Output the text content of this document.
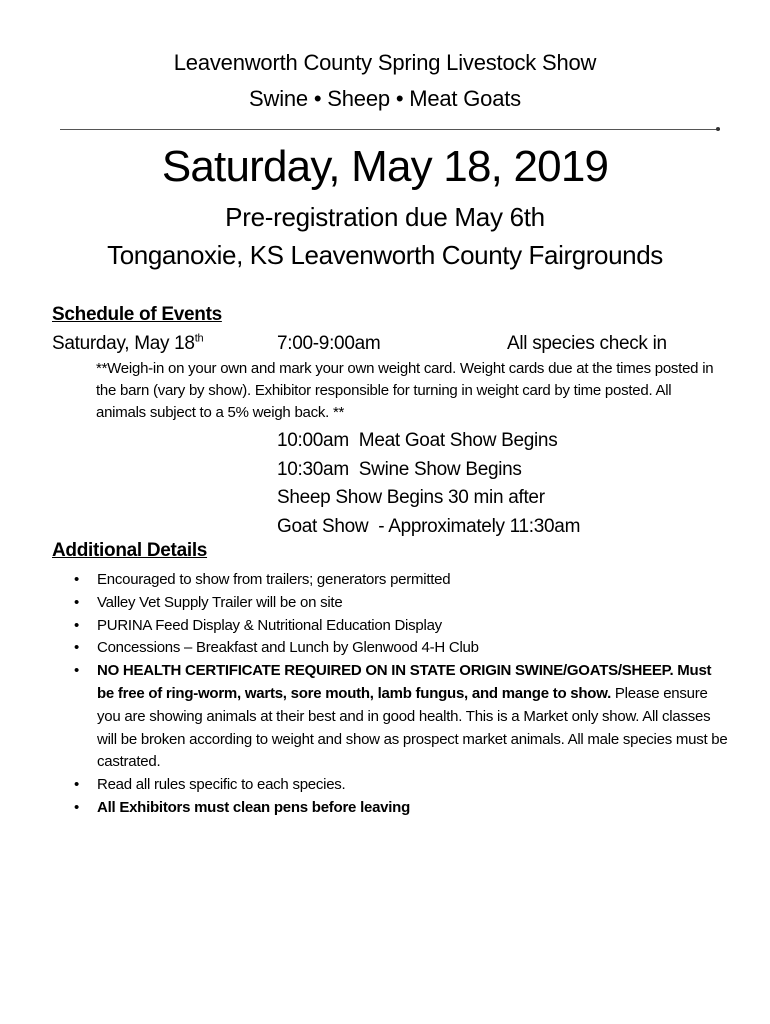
Leavenworth County Spring Livestock Show
Swine • Sheep • Meat Goats
Saturday, May 18, 2019
Pre-registration due May 6th
Tonganoxie, KS Leavenworth County Fairgrounds
Schedule of Events
Saturday, May 18th	7:00-9:00am	All species check in
**Weigh-in on your own and mark your own weight card. Weight cards due at the times posted in the barn (vary by show). Exhibitor responsible for turning in weight card by time posted. All animals subject to a 5% weigh back. **
10:00am  Meat Goat Show Begins
10:30am  Swine Show Begins
Sheep Show Begins 30 min after
Goat Show  - Approximately 11:30am
Additional Details
• Encouraged to show from trailers; generators permitted
• Valley Vet Supply Trailer will be on site
• PURINA Feed Display & Nutritional Education Display
• Concessions – Breakfast and Lunch by Glenwood 4-H Club
• NO HEALTH CERTIFICATE REQUIRED ON IN STATE ORIGIN SWINE/GOATS/SHEEP. Must be free of ring-worm, warts, sore mouth, lamb fungus, and mange to show. Please ensure you are showing animals at their best and in good health. This is a Market only show. All classes will be broken according to weight and show as prospect market animals. All male species must be castrated.
• Read all rules specific to each species.
• All Exhibitors must clean pens before leaving
